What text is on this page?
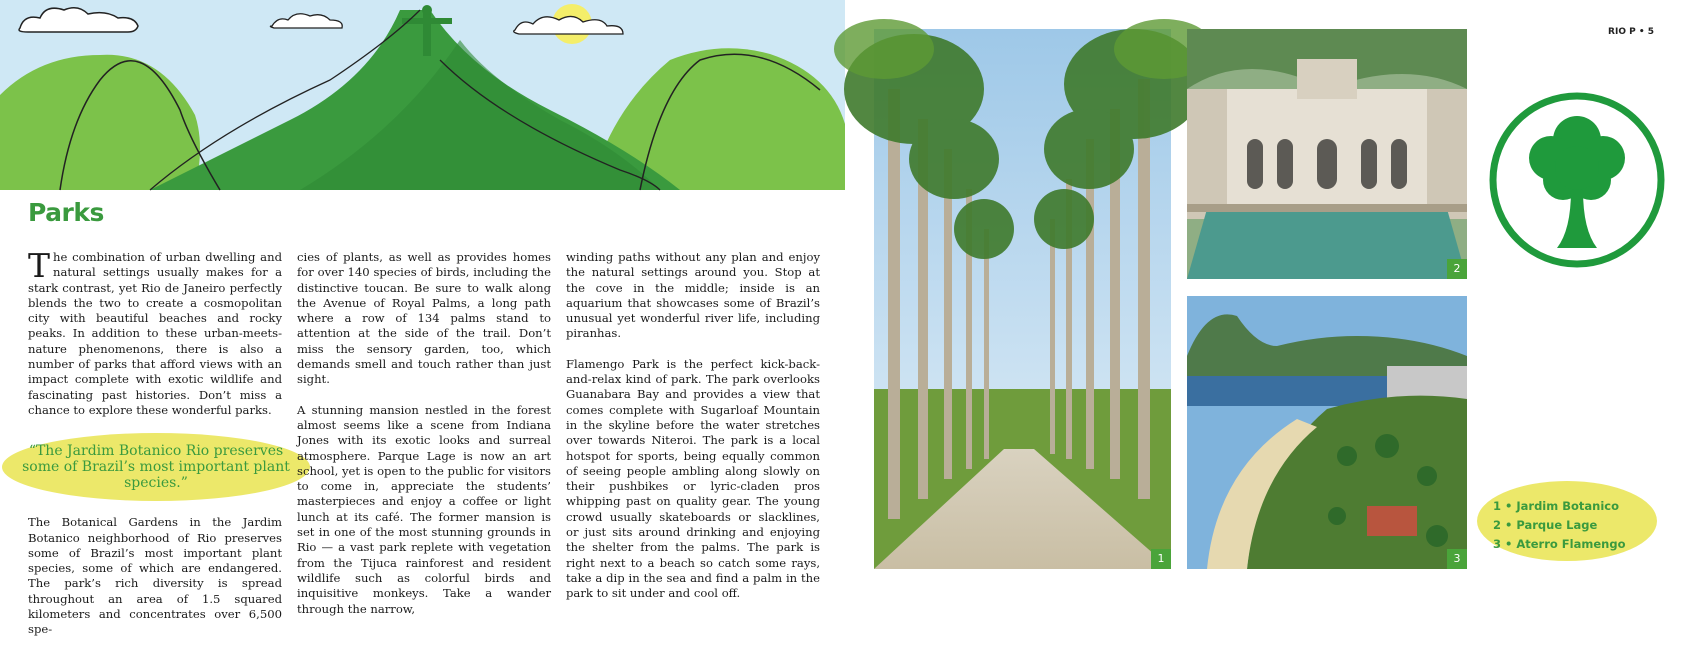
Parks

The combination of urban dwelling and natural settings usually makes for a stark contrast, yet Rio de Janeiro perfectly blends the two to create a cosmopolitan city with beautiful beaches and rocky peaks. In addition to these urban-meets-nature phenomenons, there is also a number of parks that afford views with an impact complete with exotic wildlife and fascinating past histories. Don’t miss a chance to explore these wonderful parks.

“The Jardim Botanico Rio preserves some of Brazil’s most important plant species.”

The Botanical Gardens in the Jardim Botanico neighborhood of Rio preserves some of Brazil’s most important plant species, some of which are endangered. The park’s rich diversity is spread throughout an area of 1.5 squared kilometers and concentrates over 6,500 spe-

cies of plants, as well as provides homes for over 140 species of birds, including the distinctive toucan. Be sure to walk along the Avenue of Royal Palms, a long path where a row of 134 palms stand to attention at the side of the trail. Don’t miss the sensory garden, too, which demands smell and touch rather than just sight.

A stunning mansion nestled in the forest almost seems like a scene from Indiana Jones with its exotic looks and surreal atmosphere. Parque Lage is now an art school, yet is open to the public for visitors to come in, appreciate the students’ masterpieces and enjoy a coffee or light lunch at its café. The former mansion is set in one of the most stunning grounds in Rio — a vast park replete with vegetation from the Tijuca rainforest and resident wildlife such as colorful birds and inquisitive monkeys. Take a wander through the narrow,

winding paths without any plan and enjoy the natural settings around you. Stop at the cove in the middle; inside is an aquarium that showcases some of Brazil’s unusual yet wonderful river life, including piranhas.

Flamengo Park is the perfect kick-back-and-relax kind of park. The park overlooks Guanabara Bay and provides a view that comes complete with Sugarloaf Mountain in the skyline before the water stretches over towards Niteroi. The park is a local hotspot for sports, being equally common of seeing people ambling along slowly on their pushbikes or lyric-claden pros whipping past on quality gear. The young crowd usually skateboards or slacklines, or just sits around drinking and enjoying the shelter from the palms. The park is right next to a beach so catch some rays, take a dip in the sea and find a palm in the park to sit under and cool off.

RIO P • 5
1
2
3
1 • Jardim Botanico
2 • Parque Lage
3 • Aterro Flamengo
